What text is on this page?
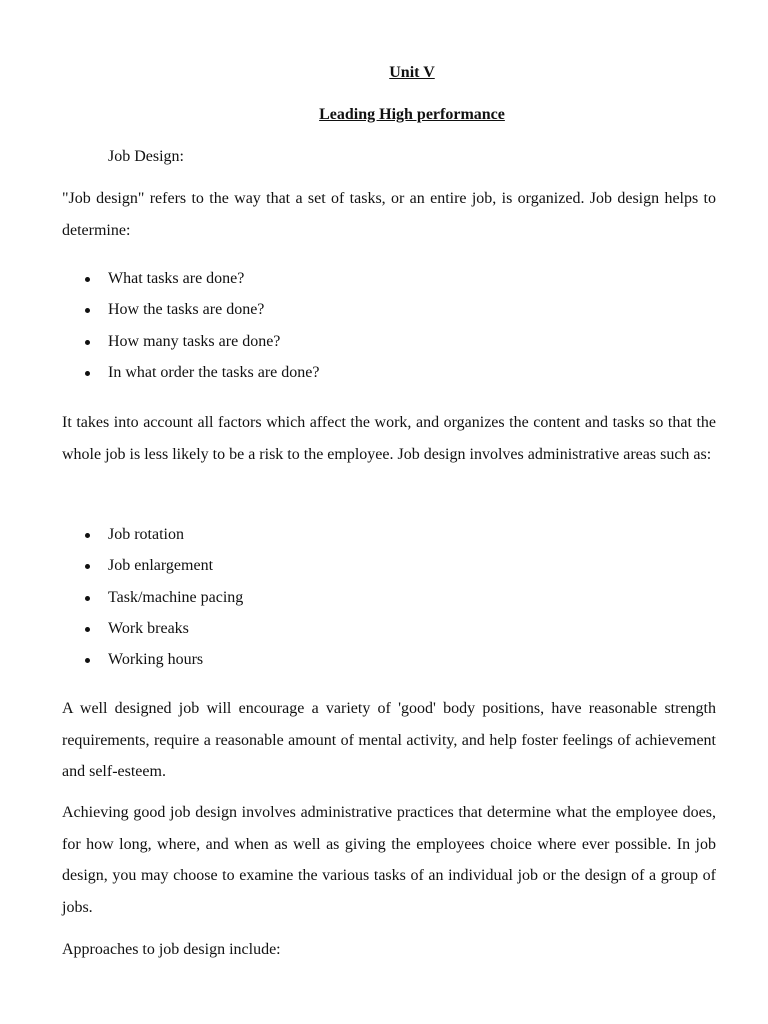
Unit V
Leading High performance
Job Design:

"Job design" refers to the way that a set of tasks, or an entire job, is organized. Job design helps to determine:

What tasks are done?
How the tasks are done?
How many tasks are done?
In what order the tasks are done?

It takes into account all factors which affect the work, and organizes the content and tasks so that the whole job is less likely to be a risk to the employee. Job design involves administrative areas such as:

Job rotation
Job enlargement
Task/machine pacing
Work breaks
Working hours

A well designed job will encourage a variety of 'good' body positions, have reasonable strength requirements, require a reasonable amount of mental activity, and help foster feelings of achievement and self-esteem.

Achieving good job design involves administrative practices that determine what the employee does, for how long, where, and when as well as giving the employees choice where ever possible. In job design, you may choose to examine the various tasks of an individual job or the design of a group of jobs.

Approaches to job design include:
